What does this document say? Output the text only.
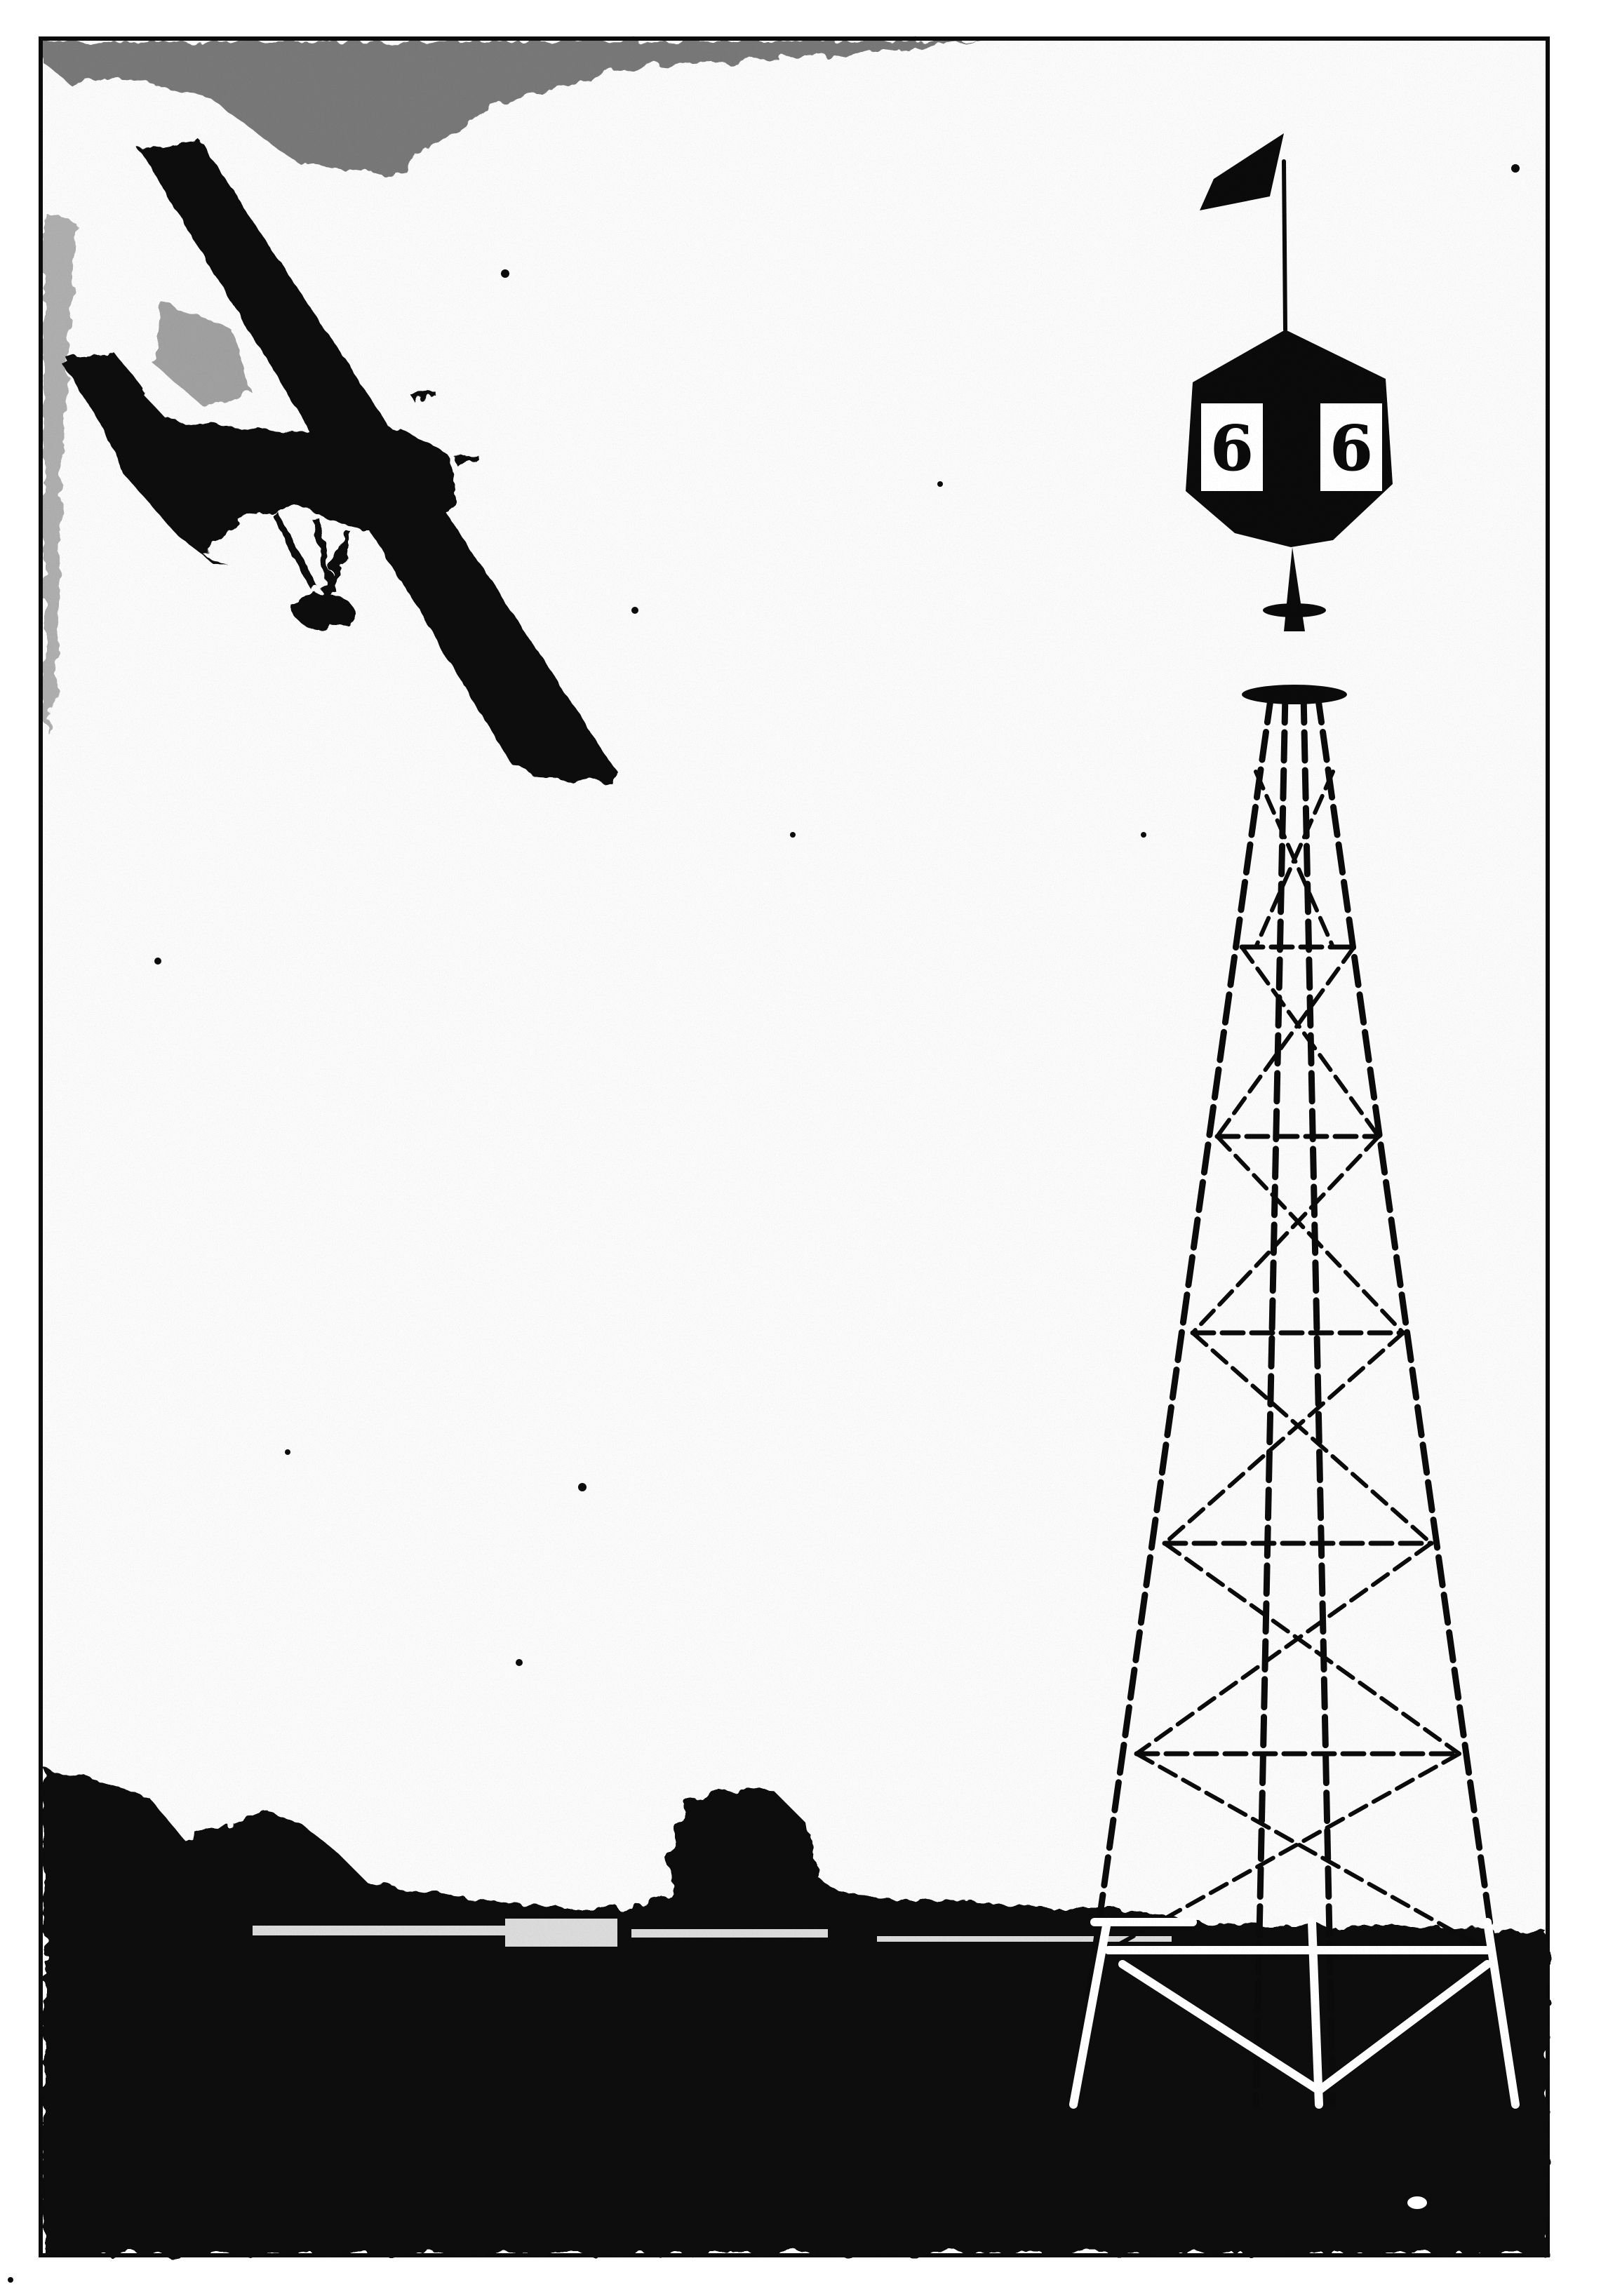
6 6
